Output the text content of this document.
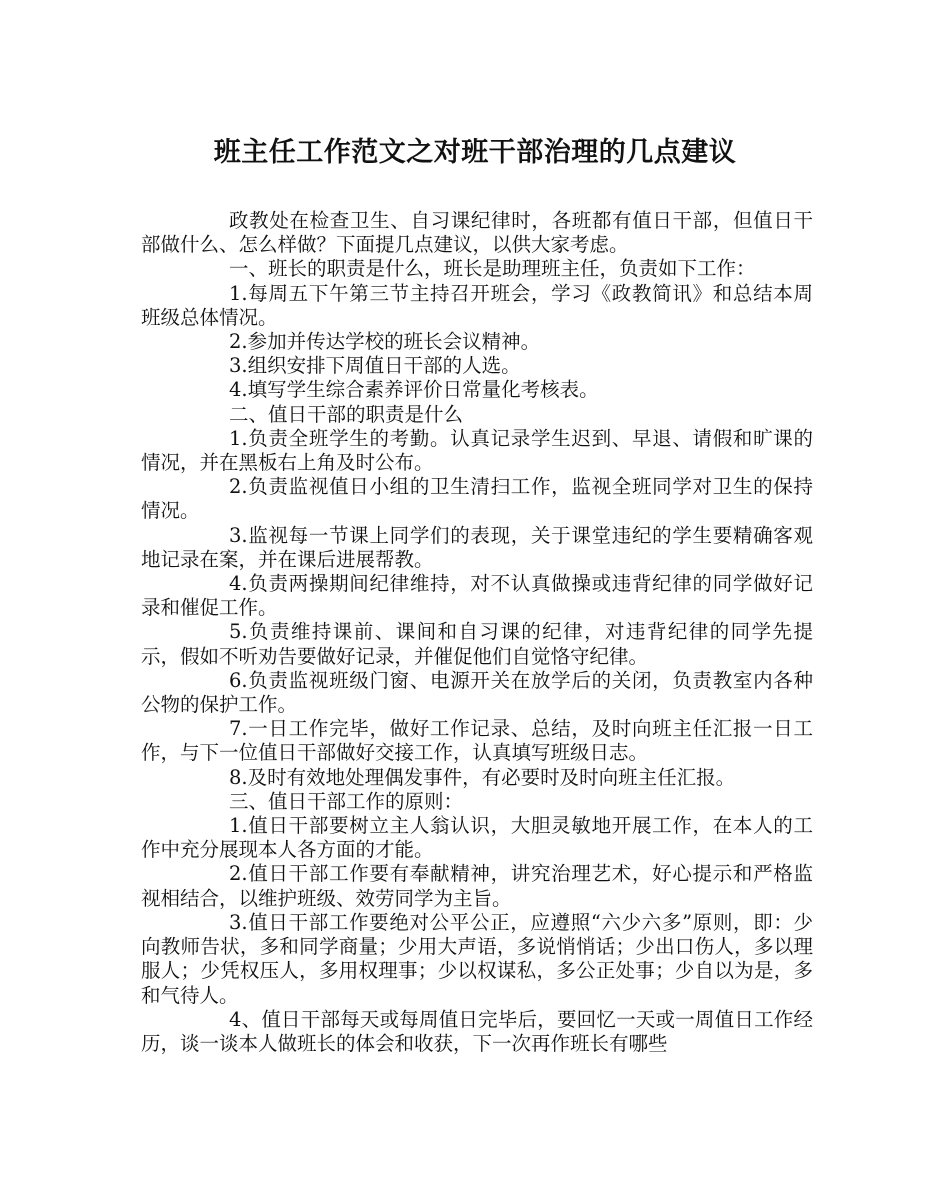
班主任工作范文之对班干部治理的几点建议

政教处在检查卫生、自习课纪律时，各班都有值日干部，但值日干部做什么、怎么样做？下面提几点建议，以供大家考虑。

一、班长的职责是什么，班长是助理班主任，负责如下工作：

1.每周五下午第三节主持召开班会，学习《政教简讯》和总结本周班级总体情况。

2.参加并传达学校的班长会议精神。

3.组织安排下周值日干部的人选。

4.填写学生综合素养评价日常量化考核表。

二、值日干部的职责是什么

1.负责全班学生的考勤。认真记录学生迟到、早退、请假和旷课的情况，并在黑板右上角及时公布。

2.负责监视值日小组的卫生清扫工作，监视全班同学对卫生的保持情况。

3.监视每一节课上同学们的表现，关于课堂违纪的学生要精确客观地记录在案，并在课后进展帮教。

4.负责两操期间纪律维持，对不认真做操或违背纪律的同学做好记录和催促工作。

5.负责维持课前、课间和自习课的纪律，对违背纪律的同学先提示，假如不听劝告要做好记录，并催促他们自觉恪守纪律。

6.负责监视班级门窗、电源开关在放学后的关闭，负责教室内各种公物的保护工作。

7.一日工作完毕，做好工作记录、总结，及时向班主任汇报一日工作，与下一位值日干部做好交接工作，认真填写班级日志。

8.及时有效地处理偶发事件，有必要时及时向班主任汇报。

三、值日干部工作的原则：

1.值日干部要树立主人翁认识，大胆灵敏地开展工作，在本人的工作中充分展现本人各方面的才能。

2.值日干部工作要有奉献精神，讲究治理艺术，好心提示和严格监视相结合，以维护班级、效劳同学为主旨。

3.值日干部工作要绝对公平公正，应遵照“六少六多”原则，即：少向教师告状，多和同学商量；少用大声语，多说悄悄话；少出口伤人，多以理服人；少凭权压人，多用权理事；少以权谋私，多公正处事；少自以为是，多和气待人。

4、值日干部每天或每周值日完毕后，要回忆一天或一周值日工作经历，谈一谈本人做班长的体会和收获，下一次再作班长有哪些
